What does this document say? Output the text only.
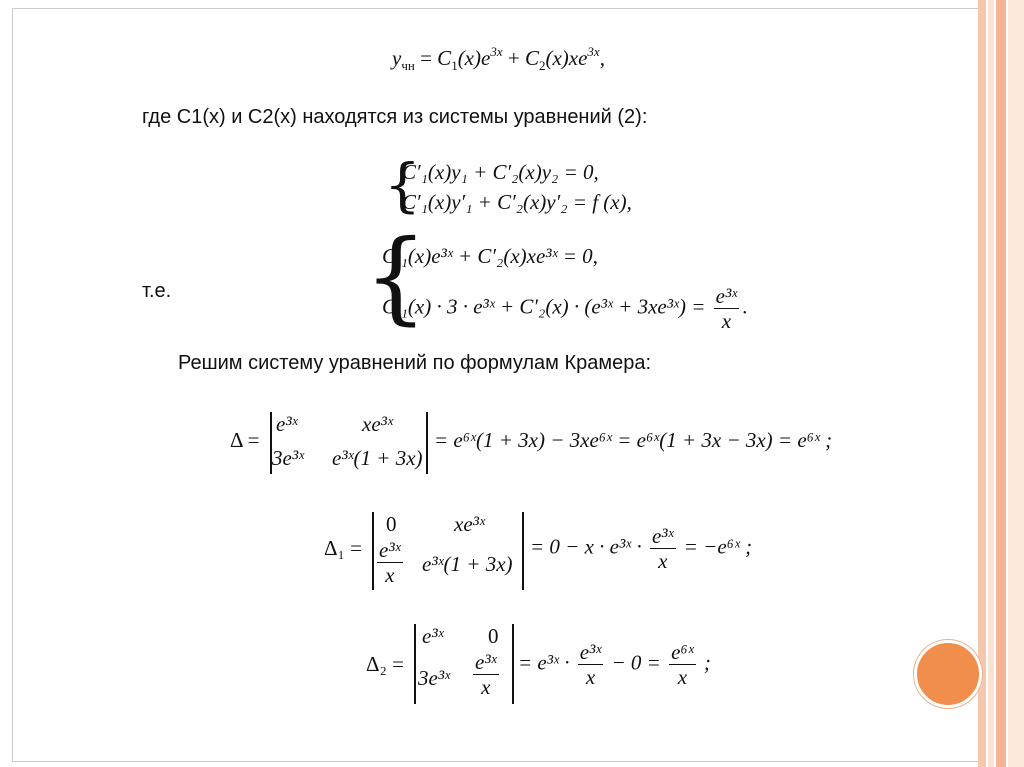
$y_{чн} = C_1(x)e^{3x} + C_2(x)xe^{3x}$,
где C1(x) и C2(x) находятся из системы уравнений (2):
{
C′₁(x)y₁ + C′₂(x)y₂ = 0,
C′₁(x)y′₁ + C′₂(x)y′₂ = f (x),
т.е. {
C′₁(x)e³ˣ + C′₂(x)xe³ˣ = 0,
C′₁(x) · 3 · e³ˣ + C′₂(x) · (e³ˣ + 3xe³ˣ) = $\frac{\text{e³ˣ}}{x}$ .
Решим систему уравнений по формулам Крамера:
Δ =
e³ˣ	xe³ˣ
3e³ˣ e³ˣ(1 + 3x)
= e⁶ˣ(1 + 3x) − 3xe⁶ˣ = e⁶ˣ(1 + 3x − 3x) = e⁶ˣ ;
Δ₁ =
0	xe³ˣ
$\frac{\text{e³ˣ}}{x}$ e³ˣ(1 + 3x)
= 0 − x · e³ˣ · $\frac{\text{e³ˣ}}{x}$ = −e⁶ˣ ;
Δ₂ =
e³ˣ 0
3e³ˣ $\frac{\text{e³ˣ}}{x}$ = e³ˣ · $\frac{\text{e³ˣ}}{x} - 0 = \frac{\text{e⁶ˣ}}{x}$ ;
